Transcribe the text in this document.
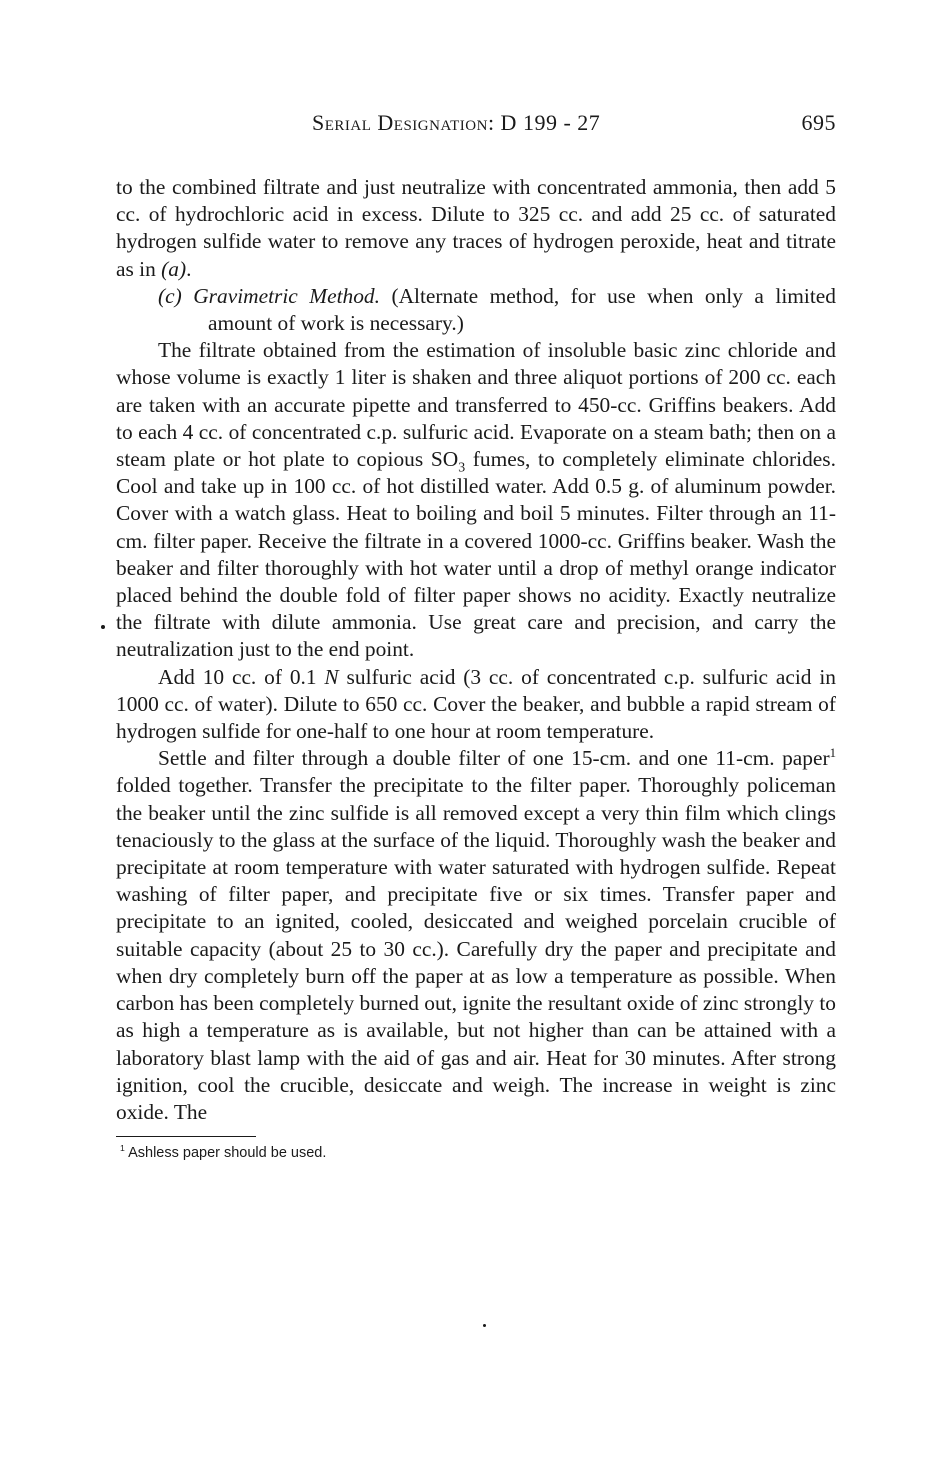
Serial Designation: D 199 - 27	695

to the combined filtrate and just neutralize with concentrated ammonia, then add 5 cc. of hydrochloric acid in excess. Dilute to 325 cc. and add 25 cc. of saturated hydrogen sulfide water to remove any traces of hydrogen peroxide, heat and titrate as in (a).

(c) Gravimetric Method. (Alternate method, for use when only a limited amount of work is necessary.)

The filtrate obtained from the estimation of insoluble basic zinc chloride and whose volume is exactly 1 liter is shaken and three aliquot portions of 200 cc. each are taken with an accurate pipette and transferred to 450-cc. Griffins beakers. Add to each 4 cc. of concentrated c.p. sulfuric acid. Evaporate on a steam bath; then on a steam plate or hot plate to copious $SO_3$ fumes, to completely eliminate chlorides. Cool and take up in 100 cc. of hot distilled water. Add 0.5 g. of aluminum powder. Cover with a watch glass. Heat to boiling and boil 5 minutes. Filter through an 11-cm. filter paper. Receive the filtrate in a covered 1000-cc. Griffins beaker. Wash the beaker and filter thoroughly with hot water until a drop of methyl orange indicator placed behind the double fold of filter paper shows no acidity. Exactly neutralize the filtrate with dilute ammonia. Use great care and precision, and carry the neutralization just to the end point.

Add 10 cc. of 0.1 N sulfuric acid (3 cc. of concentrated c.p. sulfuric acid in 1000 cc. of water). Dilute to 650 cc. Cover the beaker, and bubble a rapid stream of hydrogen sulfide for one-half to one hour at room temperature.

Settle and filter through a double filter of one 15-cm. and one 11-cm. paper$^1$ folded together. Transfer the precipitate to the filter paper. Thoroughly policeman the beaker until the zinc sulfide is all removed except a very thin film which clings tenaciously to the glass at the surface of the liquid. Thoroughly wash the beaker and precipitate at room temperature with water saturated with hydrogen sulfide. Repeat washing of filter paper, and precipitate five or six times. Transfer paper and precipitate to an ignited, cooled, desiccated and weighed porcelain crucible of suitable capacity (about 25 to 30 cc.). Carefully dry the paper and precipitate and when dry completely burn off the paper at as low a temperature as possible. When carbon has been completely burned out, ignite the resultant oxide of zinc strongly to as high a temperature as is available, but not higher than can be attained with a laboratory blast lamp with the aid of gas and air. Heat for 30 minutes. After strong ignition, cool the crucible, desiccate and weigh. The increase in weight is zinc oxide. The

$^1$ Ashless paper should be used.
